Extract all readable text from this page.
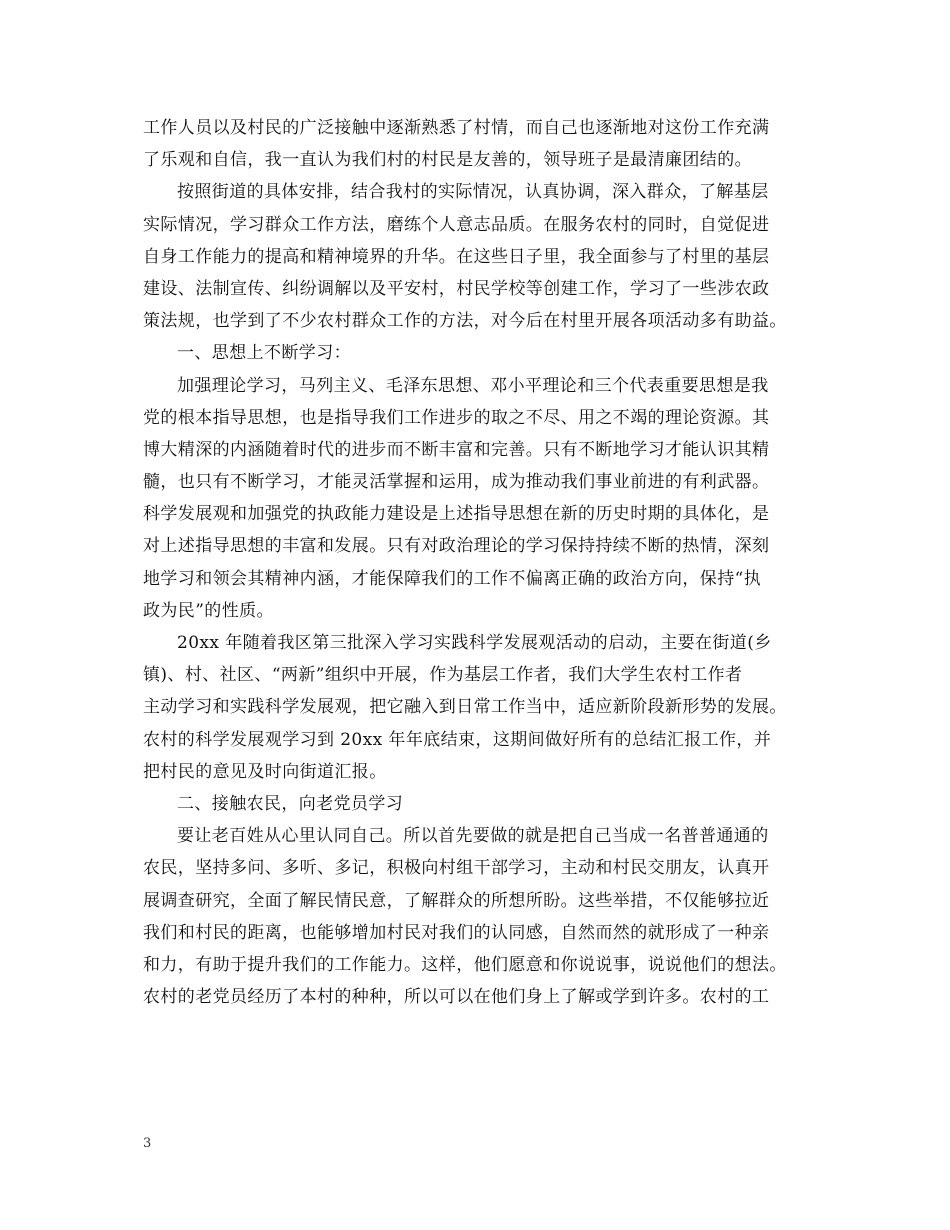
工作人员以及村民的广泛接触中逐渐熟悉了村情，而自己也逐渐地对这份工作充满
了乐观和自信，我一直认为我们村的村民是友善的，领导班子是最清廉团结的。
按照街道的具体安排，结合我村的实际情况，认真协调，深入群众，了解基层
实际情况，学习群众工作方法，磨练个人意志品质。在服务农村的同时，自觉促进
自身工作能力的提高和精神境界的升华。在这些日子里，我全面参与了村里的基层
建设、法制宣传、纠纷调解以及平安村，村民学校等创建工作，学习了一些涉农政
策法规，也学到了不少农村群众工作的方法，对今后在村里开展各项活动多有助益。
一、思想上不断学习：
加强理论学习，马列主义、毛泽东思想、邓小平理论和三个代表重要思想是我
党的根本指导思想，也是指导我们工作进步的取之不尽、用之不竭的理论资源。其
博大精深的内涵随着时代的进步而不断丰富和完善。只有不断地学习才能认识其精
髓，也只有不断学习，才能灵活掌握和运用，成为推动我们事业前进的有利武器。
科学发展观和加强党的执政能力建设是上述指导思想在新的历史时期的具体化，是
对上述指导思想的丰富和发展。只有对政治理论的学习保持持续不断的热情，深刻
地学习和领会其精神内涵，才能保障我们的工作不偏离正确的政治方向，保持“执
政为民”的性质。
20xx 年随着我区第三批深入学习实践科学发展观活动的启动，主要在街道(乡
镇)、村、社区、“两新”组织中开展，作为基层工作者，我们大学生农村工作者
主动学习和实践科学发展观，把它融入到日常工作当中，适应新阶段新形势的发展。
农村的科学发展观学习到 20xx 年年底结束，这期间做好所有的总结汇报工作，并
把村民的意见及时向街道汇报。
二、接触农民，向老党员学习
要让老百姓从心里认同自己。所以首先要做的就是把自己当成一名普普通通的
农民，坚持多问、多听、多记，积极向村组干部学习，主动和村民交朋友，认真开
展调查研究，全面了解民情民意，了解群众的所想所盼。这些举措，不仅能够拉近
我们和村民的距离，也能够增加村民对我们的认同感，自然而然的就形成了一种亲
和力，有助于提升我们的工作能力。这样，他们愿意和你说说事，说说他们的想法。
农村的老党员经历了本村的种种，所以可以在他们身上了解或学到许多。农村的工
3
